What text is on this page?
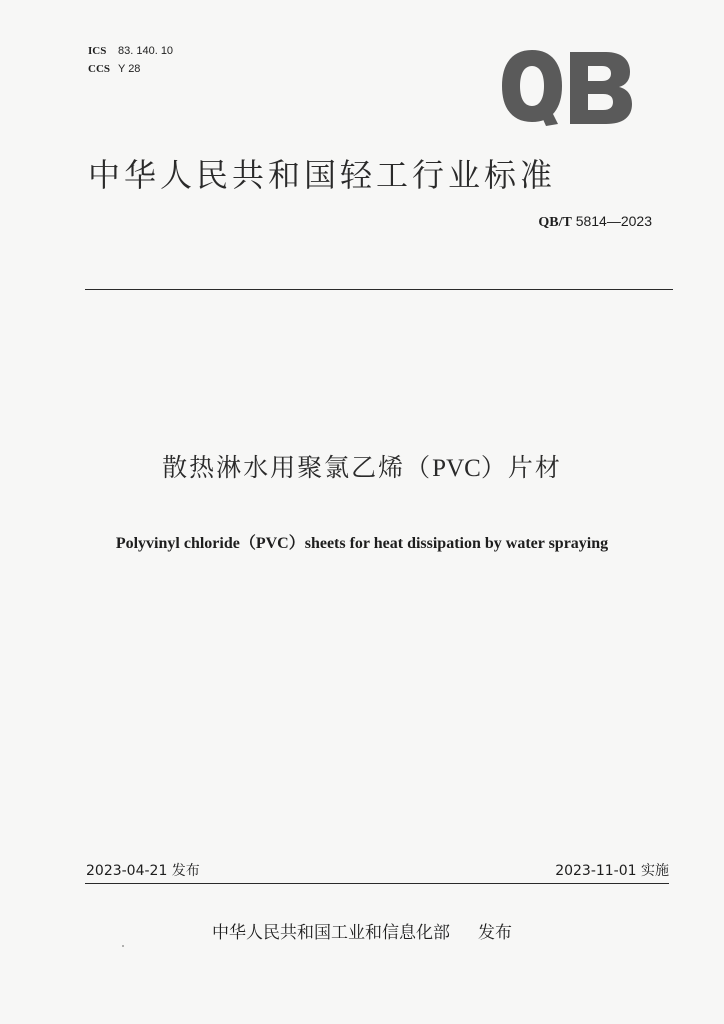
ICS 83. 140. 10
CCS Y 28
中华人民共和国轻工行业标准
QB/T 5814—2023
散热淋水用聚氯乙烯（PVC）片材
Polyvinyl chloride（PVC）sheets for heat dissipation by water spraying
2023-04-21 发布	2023-11-01 实施
中华人民共和国工业和信息化部 发布
